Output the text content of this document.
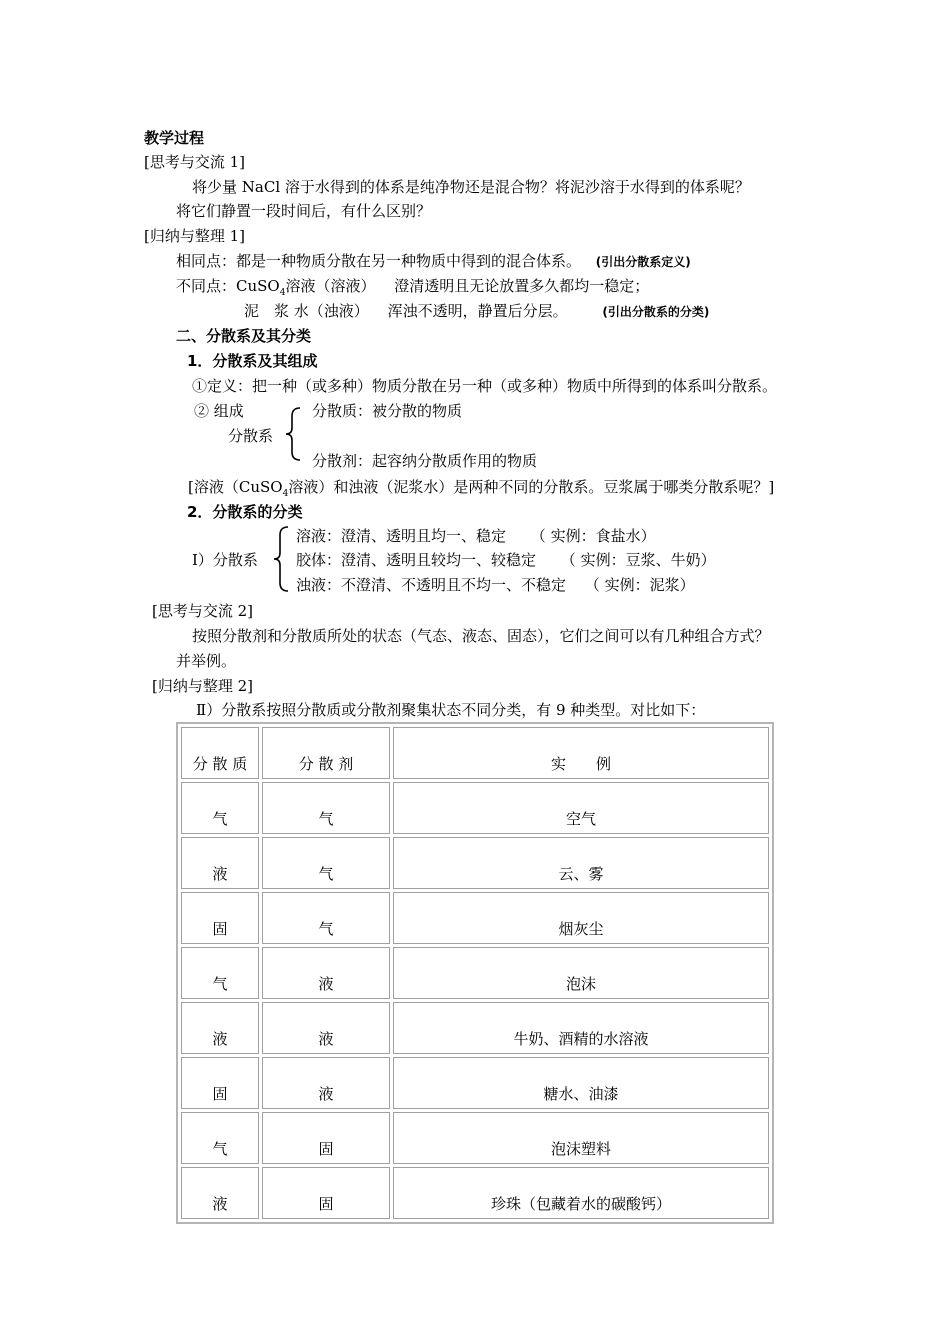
教学过程
[思考与交流 1]
将少量 NaCl 溶于水得到的体系是纯净物还是混合物？将泥沙溶于水得到的体系呢？
将它们静置一段时间后，有什么区别？
[归纳与整理 1]
相同点：都是一种物质分散在另一种物质中得到的混合体系。 (引出分散系定义)
不同点：CuSO$_4$溶液（溶液） 澄清透明且无论放置多久都均一稳定；
泥　浆 水（浊液） 浑浊不透明，静置后分层。	(引出分散系的分类)
二、分散系及其分类
1．分散系及其组成
①定义：把一种（或多种）物质分散在另一种（或多种）物质中所得到的体系叫分散系。
② 组成
分散系
分散质：被分散的物质
分散剂：起容纳分散质作用的物质
[溶液（CuSO$_4$溶液）和浊液（泥浆水）是两种不同的分散系。豆浆属于哪类分散系呢？]
2．分散系的分类
Ⅰ）分散系
溶液：澄清、透明且均一、稳定 （ 实例：食盐水）
胶体：澄清、透明且较均一、较稳定 （ 实例：豆浆、牛奶）
浊液：不澄清、不透明且不均一、不稳定 （ 实例：泥浆）
[思考与交流 2]
按照分散剂和分散质所处的状态（气态、液态、固态），它们之间可以有几种组合方式？
并举例。
[归纳与整理 2]
Ⅱ）分散系按照分散质或分散剂聚集状态不同分类，有 9 种类型。对比如下：
分 散 质	分 散 剂	实　　例
气	气	空气
液	气	云、雾
固	气	烟灰尘
气	液	泡沫
液	液	牛奶、酒精的水溶液
固	液	糖水、油漆
气	固	泡沫塑料
液	固	珍珠（包藏着水的碳酸钙）
